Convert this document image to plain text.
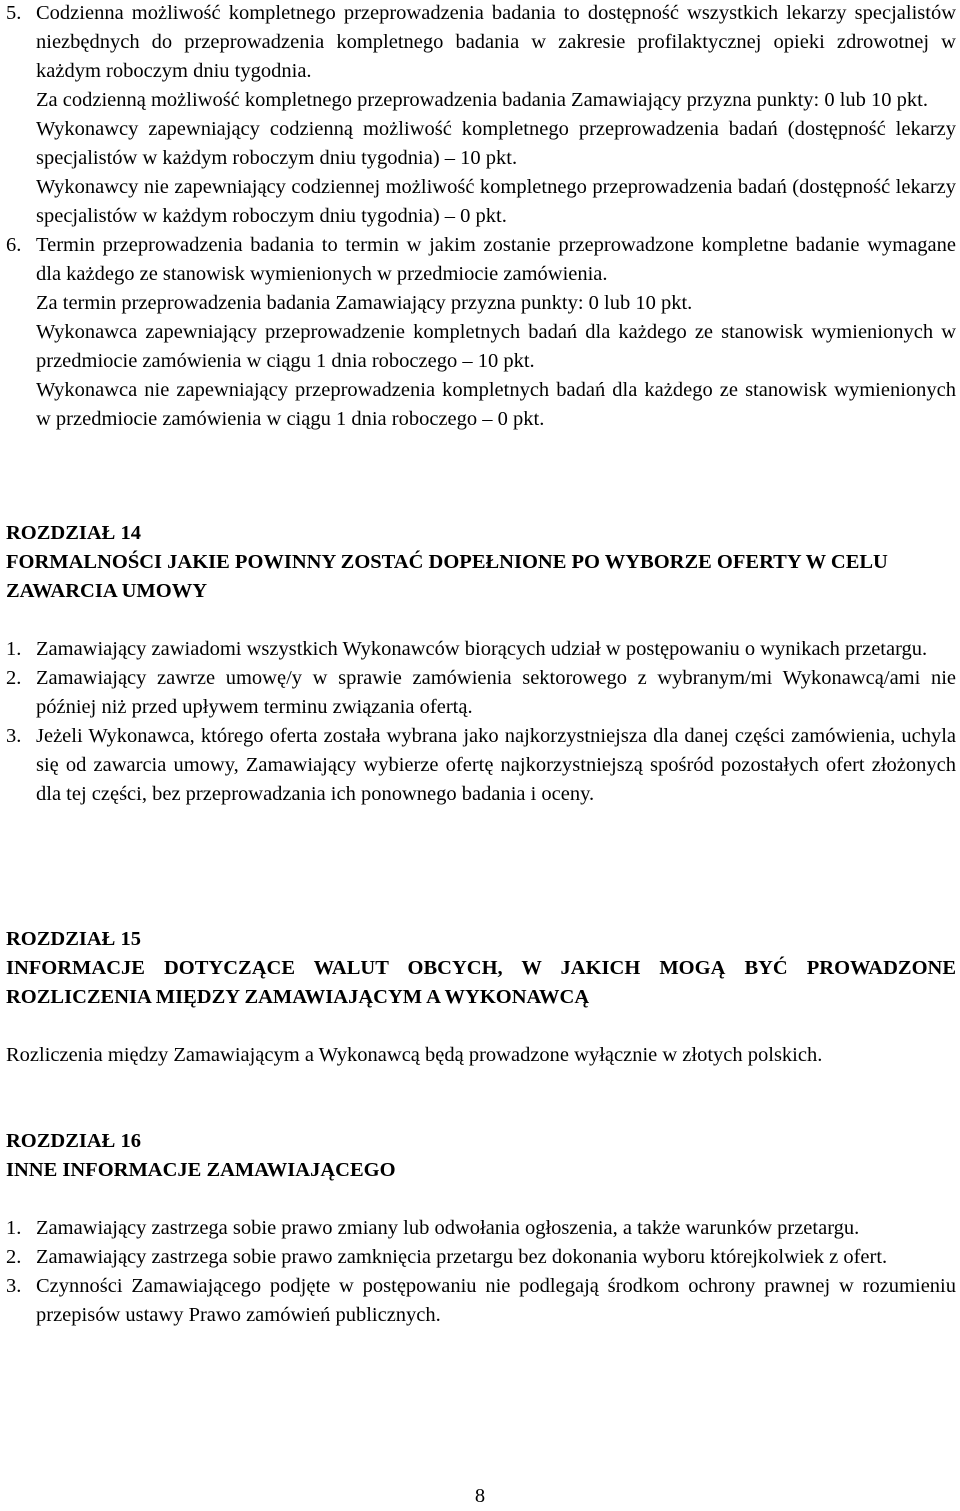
5. Codzienna możliwość kompletnego przeprowadzenia badania to dostępność wszystkich lekarzy specjalistów niezbędnych do przeprowadzenia kompletnego badania w zakresie profilaktycznej opieki zdrowotnej w każdym roboczym dniu tygodnia.

Za codzienną możliwość kompletnego przeprowadzenia badania Zamawiający przyzna punkty: 0 lub 10 pkt.

Wykonawcy zapewniający codzienną możliwość kompletnego przeprowadzenia badań (dostępność lekarzy specjalistów w każdym roboczym dniu tygodnia) – 10 pkt.

Wykonawcy nie zapewniający codziennej możliwość kompletnego przeprowadzenia badań (dostępność lekarzy specjalistów w każdym roboczym dniu tygodnia) – 0 pkt.

6. Termin przeprowadzenia badania to termin w jakim zostanie przeprowadzone kompletne badanie wymagane dla każdego ze stanowisk wymienionych w przedmiocie zamówienia.

Za termin przeprowadzenia badania Zamawiający przyzna punkty: 0 lub 10 pkt.

Wykonawca zapewniający przeprowadzenie kompletnych badań dla każdego ze stanowisk wymienionych w przedmiocie zamówienia w ciągu 1 dnia roboczego – 10 pkt.

Wykonawca nie zapewniający przeprowadzenia kompletnych badań dla każdego ze stanowisk wymienionych w przedmiocie zamówienia w ciągu 1 dnia roboczego – 0 pkt.

ROZDZIAŁ 14

FORMALNOŚCI JAKIE POWINNY ZOSTAĆ DOPEŁNIONE PO WYBORZE OFERTY W CELU ZAWARCIA UMOWY

1. Zamawiający zawiadomi wszystkich Wykonawców biorących udział w postępowaniu o wynikach przetargu.
2. Zamawiający zawrze umowę/y w sprawie zamówienia sektorowego z wybranym/mi Wykonawcą/ami nie później niż przed upływem terminu związania ofertą.
3. Jeżeli Wykonawca, którego oferta została wybrana jako najkorzystniejsza dla danej części zamówienia, uchyla się od zawarcia umowy, Zamawiający wybierze ofertę najkorzystniejszą spośród pozostałych ofert złożonych dla tej części, bez przeprowadzania ich ponownego badania i oceny.

ROZDZIAŁ 15

INFORMACJE DOTYCZĄCE WALUT OBCYCH, W JAKICH MOGĄ BYĆ PROWADZONE ROZLICZENIA MIĘDZY ZAMAWIAJĄCYM A WYKONAWCĄ

Rozliczenia między Zamawiającym a Wykonawcą będą prowadzone wyłącznie w złotych polskich.

ROZDZIAŁ 16

INNE INFORMACJE ZAMAWIAJĄCEGO

1. Zamawiający zastrzega sobie prawo zmiany lub odwołania ogłoszenia, a także warunków przetargu.
2. Zamawiający zastrzega sobie prawo zamknięcia przetargu bez dokonania wyboru którejkolwiek z ofert.
3. Czynności Zamawiającego podjęte w postępowaniu nie podlegają środkom ochrony prawnej w rozumieniu przepisów ustawy Prawo zamówień publicznych.
8
